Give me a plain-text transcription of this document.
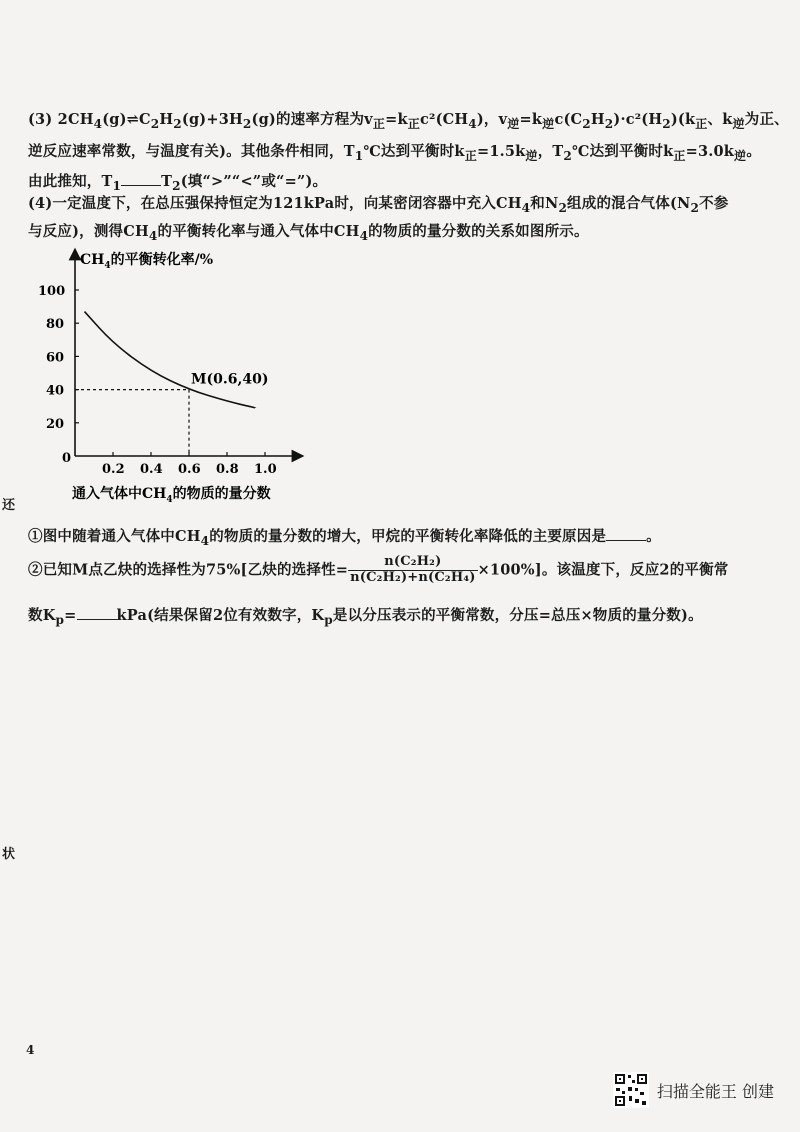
(3) $2CH_4(g)\rightleftharpoons C_2H_2(g)+3H_2(g)$的速率方程为$v_正=k_正c^2(CH_4)$，$v_逆=k_逆c(C_2H_2)\cdot c^2(H_2)(k_正$、$k_逆$为正、
逆反应速率常数，与温度有关)。其他条件相同，$T_1℃$达到平衡时$k_正=1.5k_逆$，$T_2℃$达到平衡时$k_正=3.0k_逆$。
由此推知，$T_1$	$T_2$(填“>”“<”或“=”)。
(4)一定温度下，在总压强保持恒定为121kPa时，向某密闭容器中充入$CH_4$和$N_2$组成的混合气体($N_2$不参
与反应)，测得$CH_4$的平衡转化率与通入气体中$CH_4$的物质的量分数的关系如图所示。
$CH_4$的平衡转化率/%
通入气体中$CH_4$的物质的量分数
0
0.2 0.4 0.6 0.8 1.0
20
40
60
80
100
M(0.6,40)
①图中随着通入气体中$CH_4$的物质的量分数的增大，甲烷的平衡转化率降低的主要原因是	。
②已知M点乙炔的选择性为75%[乙炔的选择性= $\frac{\text{n(C₂H₂)}}{\text{n(C₂H₂)+n(C₂H₄)}} \times 100\%$]。该温度下，反应2的平衡常
数$K_p=$	kPa(结果保留2位有效数字，$K_p$是以分压表示的平衡常数，分压=总压×物质的量分数)。
还
状
4
扫描全能王 创建
